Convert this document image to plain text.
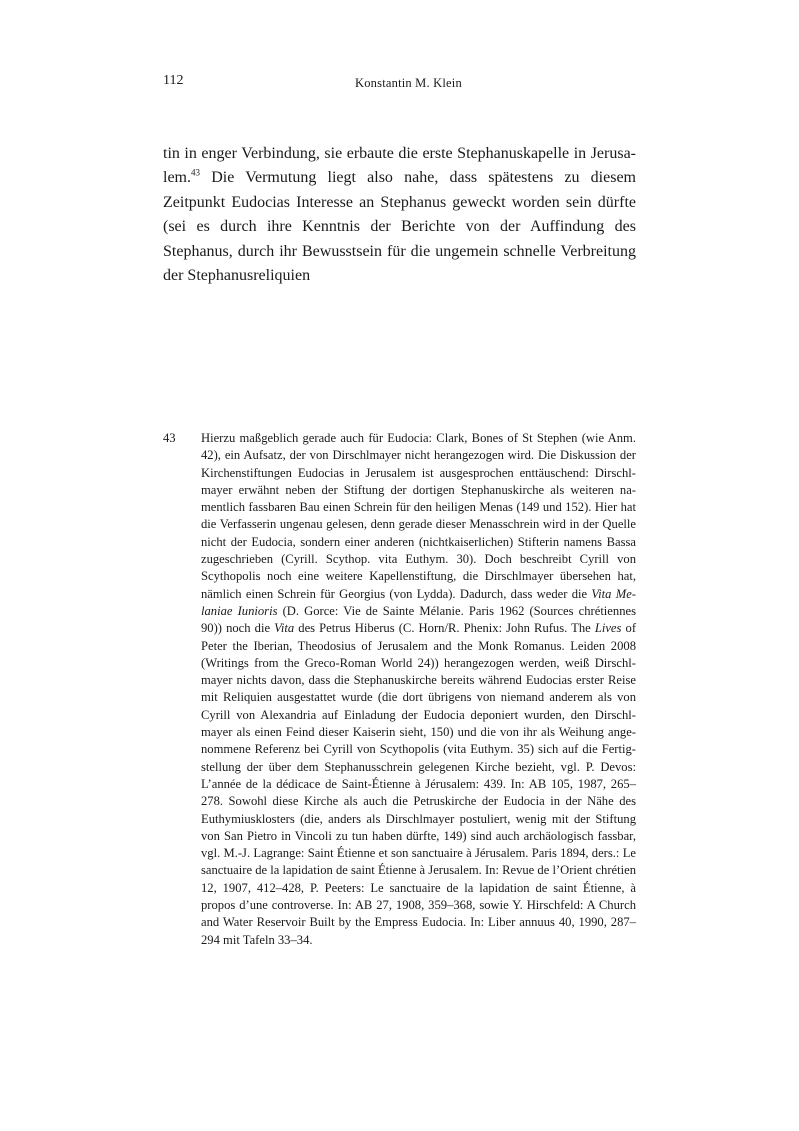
112	Konstantin M. Klein

tin in enger Verbindung, sie erbaute die erste Stephanuskapelle in Jerusalem.$^{43}$ Die Vermutung liegt also nahe, dass spätestens zu diesem Zeitpunkt Eudocias Interesse an Stephanus geweckt worden sein dürfte (sei es durch ihre Kenntnis der Berichte von der Auffindung des Stephanus, durch ihr Bewusstsein für die ungemein schnelle Verbreitung der Stephanusreliquien

43 Hierzu maßgeblich gerade auch für Eudocia: Clark, Bones of St Stephen (wie Anm. 42), ein Aufsatz, der von Dirschlmayer nicht herangezogen wird. Die Diskussion der Kirchenstiftungen Eudocias in Jerusalem ist ausgesprochen enttäuschend: Dirschlmayer erwähnt neben der Stiftung der dortigen Stephanuskirche als weiteren namentlich fassbaren Bau einen Schrein für den heiligen Menas (149 und 152). Hier hat die Verfasserin ungenau gelesen, denn gerade dieser Menasschrein wird in der Quelle nicht der Eudocia, sondern einer anderen (nichtkaiserlichen) Stifterin namens Bassa zugeschrieben (Cyrill. Scythop. vita Euthym. 30). Doch beschreibt Cyrill von Scythopolis noch eine weitere Kapellenstiftung, die Dirschlmayer übersehen hat, nämlich einen Schrein für Georgius (von Lydda). Dadurch, dass weder die Vita Melaniae Iunioris (D. Gorce: Vie de Sainte Mélanie. Paris 1962 (Sources chrétiennes 90)) noch die Vita des Petrus Hiberus (C. Horn/R. Phenix: John Rufus. The Lives of Peter the Iberian, Theodosius of Jerusalem and the Monk Romanus. Leiden 2008 (Writings from the Greco-Roman World 24)) herangezogen werden, weiß Dirschlmayer nichts davon, dass die Stephanuskirche bereits während Eudocias erster Reise mit Reliquien ausgestattet wurde (die dort übrigens von niemand anderem als von Cyrill von Alexandria auf Einladung der Eudocia deponiert wurden, den Dirschlmayer als einen Feind dieser Kaiserin sieht, 150) und die von ihr als Weihung angenommene Referenz bei Cyrill von Scythopolis (vita Euthym. 35) sich auf die Fertigstellung der über dem Stephanusschrein gelegenen Kirche bezieht, vgl. P. Devos: L’année de la dédicace de Saint-Étienne à Jérusalem: 439. In: AB 105, 1987, 265–278. Sowohl diese Kirche als auch die Petruskirche der Eudocia in der Nähe des Euthymiusklosters (die, anders als Dirschlmayer postuliert, wenig mit der Stiftung von San Pietro in Vincoli zu tun haben dürfte, 149) sind auch archäologisch fassbar, vgl. M.-J. Lagrange: Saint Étienne et son sanctuaire à Jérusalem. Paris 1894, ders.: Le sanctuaire de la lapidation de saint Étienne à Jerusalem. In: Revue de l’Orient chrétien 12, 1907, 412–428, P. Peeters: Le sanctuaire de la lapidation de saint Étienne, à propos d’une controverse. In: AB 27, 1908, 359–368, sowie Y. Hirschfeld: A Church and Water Reservoir Built by the Empress Eudocia. In: Liber annuus 40, 1990, 287–294 mit Tafeln 33–34.
